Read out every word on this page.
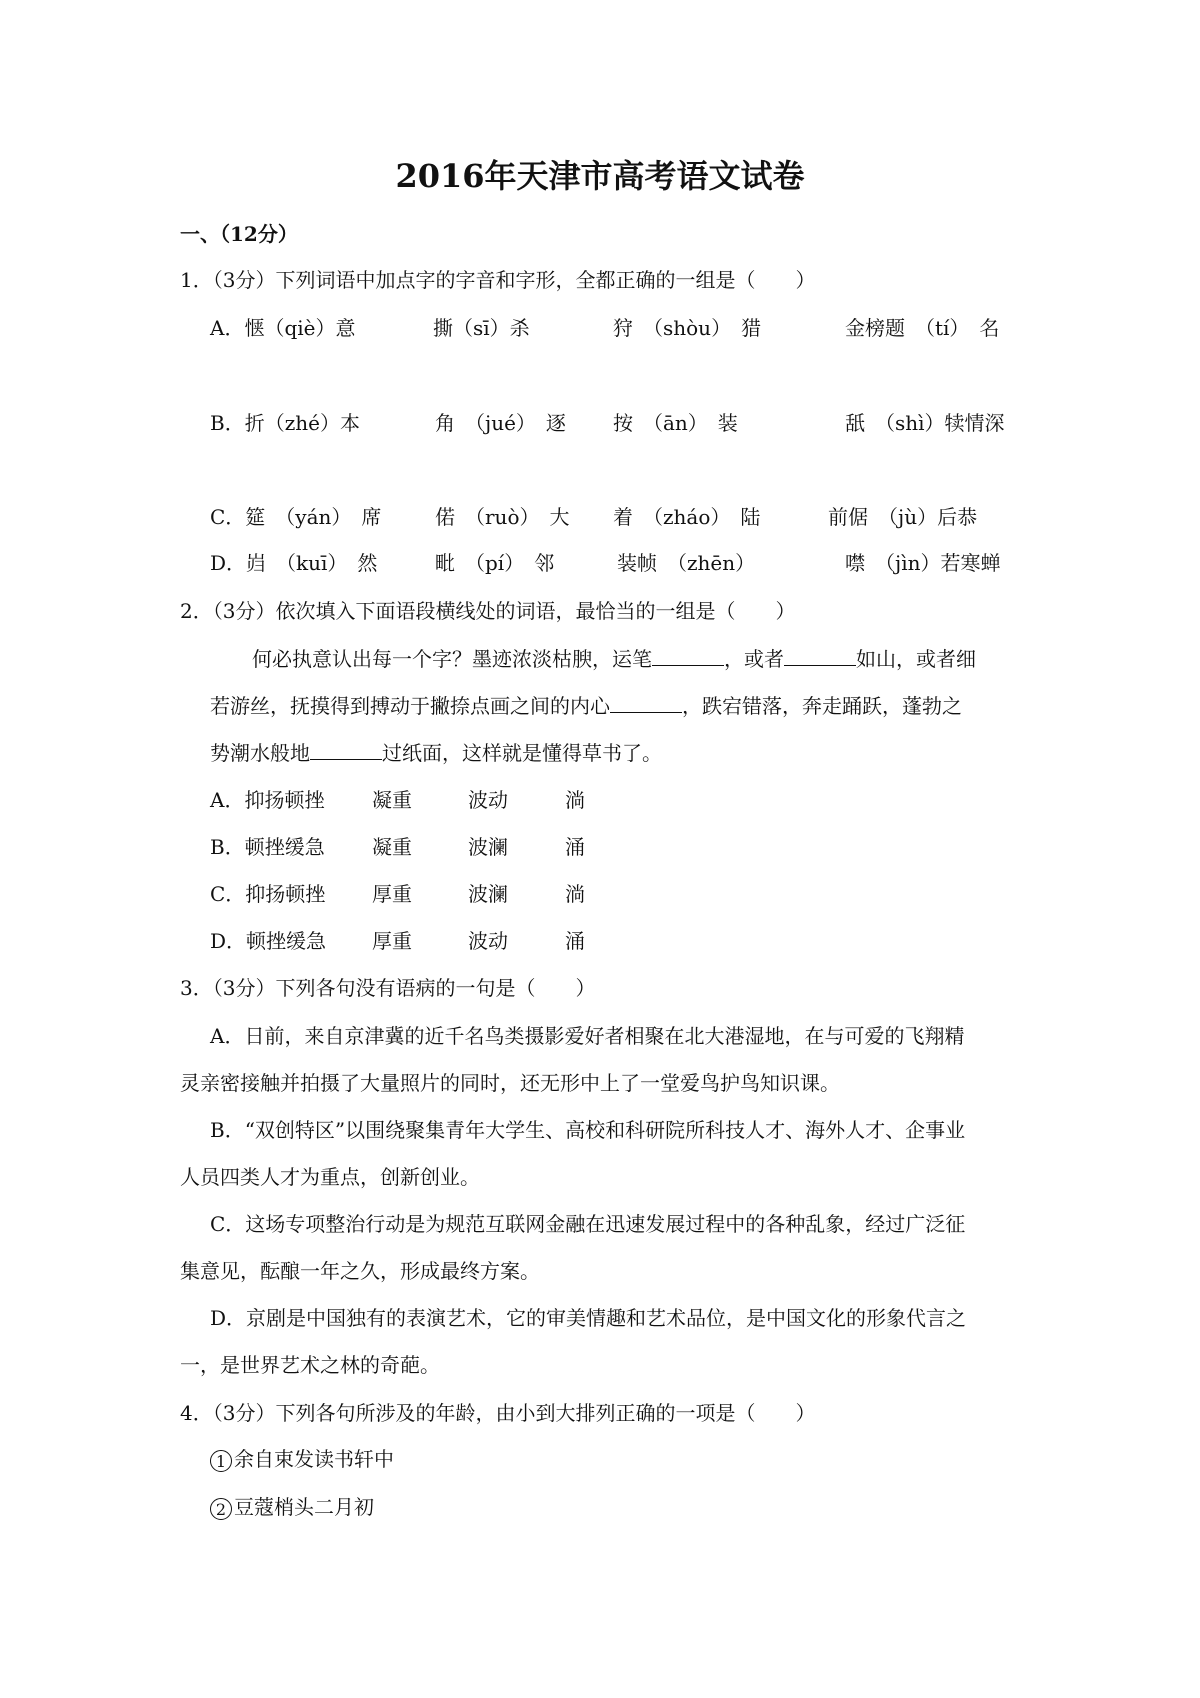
2016年天津市高考语文试卷
一、（12分）
1．（3分）下列词语中加点字的字音和字形，全都正确的一组是（　　）
A．惬（qiè）意	撕（sī）杀	狩　（shòu）　猎	金榜题　（tí）　名
B．折（zhé）本	角　（jué）　逐 按　（ān）　装	舐　（shì）犊情深
C．筵　（yán）　席	偌　（ruò）　大 着　（zháo）　陆	前倨　（jù）后恭
D．岿　（kuī）　然	毗　（pí）　邻	装帧　（zhēn）	噤　（jìn）若寒蝉
2．（3分）依次填入下面语段横线处的词语，最恰当的一组是（　　）
何必执意认出每一个字？墨迹浓淡枯腴，运笔	，或者	如山，或者细
若游丝，抚摸得到搏动于撇捺点画之间的内心	，跌宕错落，奔走踊跃，蓬勃之
势潮水般地	过纸面，这样就是懂得草书了。
A．抑扬顿挫 凝重	波动	淌
B．顿挫缓急 凝重	波澜	涌
C．抑扬顿挫 厚重	波澜	淌
D．顿挫缓急 厚重	波动	涌
3．（3分）下列各句没有语病的一句是（　　）
A．日前，来自京津冀的近千名鸟类摄影爱好者相聚在北大港湿地，在与可爱的飞翔精
灵亲密接触并拍摄了大量照片的同时，还无形中上了一堂爱鸟护鸟知识课。
B．“双创特区”以围绕聚集青年大学生、高校和科研院所科技人才、海外人才、企事业
人员四类人才为重点，创新创业。
C．这场专项整治行动是为规范互联网金融在迅速发展过程中的各种乱象，经过广泛征
集意见，酝酿一年之久，形成最终方案。
D．京剧是中国独有的表演艺术，它的审美情趣和艺术品位，是中国文化的形象代言之
一，是世界艺术之林的奇葩。
4．（3分）下列各句所涉及的年龄，由小到大排列正确的一项是（　　）
1 余自束发读书轩中
2 豆蔻梢头二月初
